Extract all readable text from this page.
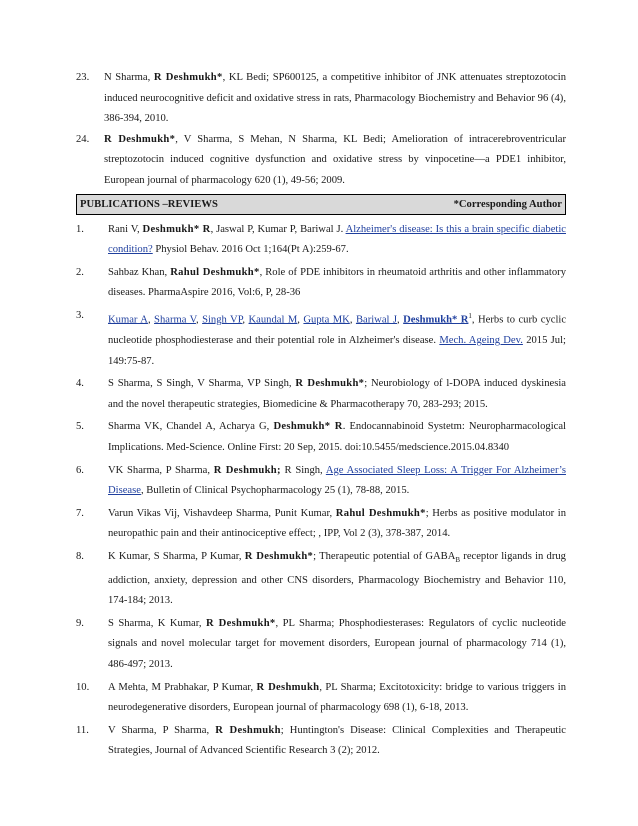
23. N Sharma, R Deshmukh*, KL Bedi; SP600125, a competitive inhibitor of JNK attenuates streptozotocin induced neurocognitive deficit and oxidative stress in rats, Pharmacology Biochemistry and Behavior 96 (4), 386-394, 2010.

24. R Deshmukh*, V Sharma, S Mehan, N Sharma, KL Bedi; Amelioration of intracerebroventricular streptozotocin induced cognitive dysfunction and oxidative stress by vinpocetine—a PDE1 inhibitor, European journal of pharmacology 620 (1), 49-56; 2009.

PUBLICATIONS –REVIEWS	*Corresponding Author

1. Rani V, Deshmukh* R, Jaswal P, Kumar P, Bariwal J. Alzheimer's disease: Is this a brain specific diabetic condition? Physiol Behav. 2016 Oct 1;164(Pt A):259-67.

2. Sahbaz Khan, Rahul Deshmukh*, Role of PDE inhibitors in rheumatoid arthritis and other inflammatory diseases. PharmaAspire 2016, Vol:6, P, 28-36

3. Kumar A, Sharma V, Singh VP, Kaundal M, Gupta MK, Bariwal J, Deshmukh* $R^1$, Herbs to curb cyclic nucleotide phosphodiesterase and their potential role in Alzheimer's disease. Mech. Ageing Dev. 2015 Jul; 149:75-87.

4. S Sharma, S Singh, V Sharma, VP Singh, R Deshmukh*; Neurobiology of l-DOPA induced dyskinesia and the novel therapeutic strategies, Biomedicine & Pharmacotherapy 70, 283-293; 2015.

5. Sharma VK, Chandel A, Acharya G, Deshmukh* R. Endocannabinoid Systetm: Neuropharmacological Implications. Med-Science. Online First: 20 Sep, 2015. doi:10.5455/medscience.2015.04.8340

6. VK Sharma, P Sharma, R Deshmukh; R Singh, Age Associated Sleep Loss: A Trigger For Alzheimer’s Disease, Bulletin of Clinical Psychopharmacology 25 (1), 78-88, 2015.

7. Varun Vikas Vij, Vishavdeep Sharma, Punit Kumar, Rahul Deshmukh*; Herbs as positive modulator in neuropathic pain and their antinociceptive effect; , IPP, Vol 2 (3), 378-387, 2014.

8. K Kumar, S Sharma, P Kumar, R Deshmukh*; Therapeutic potential of $GABA_B$ receptor ligands in drug addiction, anxiety, depression and other CNS disorders, Pharmacology Biochemistry and Behavior 110, 174-184; 2013.

9. S Sharma, K Kumar, R Deshmukh*, PL Sharma; Phosphodiesterases: Regulators of cyclic nucleotide signals and novel molecular target for movement disorders, European journal of pharmacology 714 (1), 486-497; 2013.

10. A Mehta, M Prabhakar, P Kumar, R Deshmukh, PL Sharma; Excitotoxicity: bridge to various triggers in neurodegenerative disorders, European journal of pharmacology 698 (1), 6-18, 2013.

11. V Sharma, P Sharma, R Deshmukh; Huntington's Disease: Clinical Complexities and Therapeutic Strategies, Journal of Advanced Scientific Research 3 (2); 2012.
